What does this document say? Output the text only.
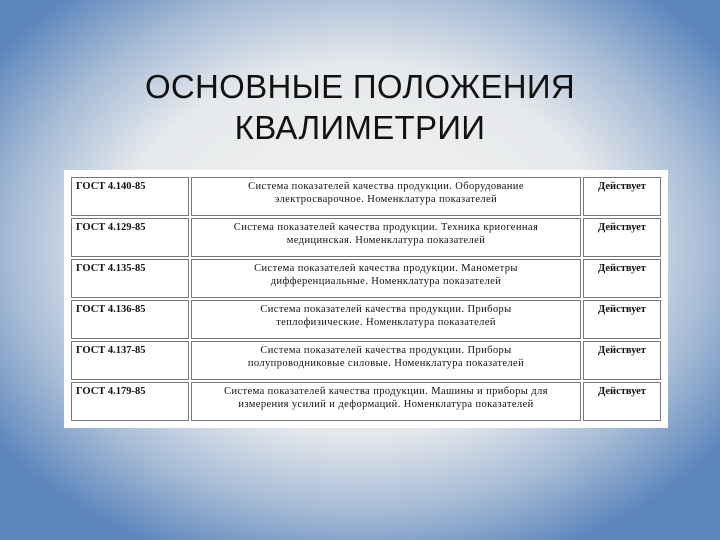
ОСНОВНЫЕ ПОЛОЖЕНИЯ
КВАЛИМЕТРИИ
ГОСТ 4.140-85	Система показателей качества продукции. Оборудование
электросварочное. Номенклатура показателей	Действует
ГОСТ 4.129-85	Система показателей качества продукции. Техника криогенная
медицинская. Номенклатура показателей	Действует
ГОСТ 4.135-85	Система показателей качества продукции. Манометры
дифференциальные. Номенклатура показателей	Действует
ГОСТ 4.136-85	Система показателей качества продукции. Приборы
теплофизические. Номенклатура показателей	Действует
ГОСТ 4.137-85	Система показателей качества продукции. Приборы
полупроводниковые силовые. Номенклатура показателей	Действует
ГОСТ 4.179-85	Система показателей качества продукции. Машины и приборы для
измерения усилий и деформаций. Номенклатура показателей	Действует
